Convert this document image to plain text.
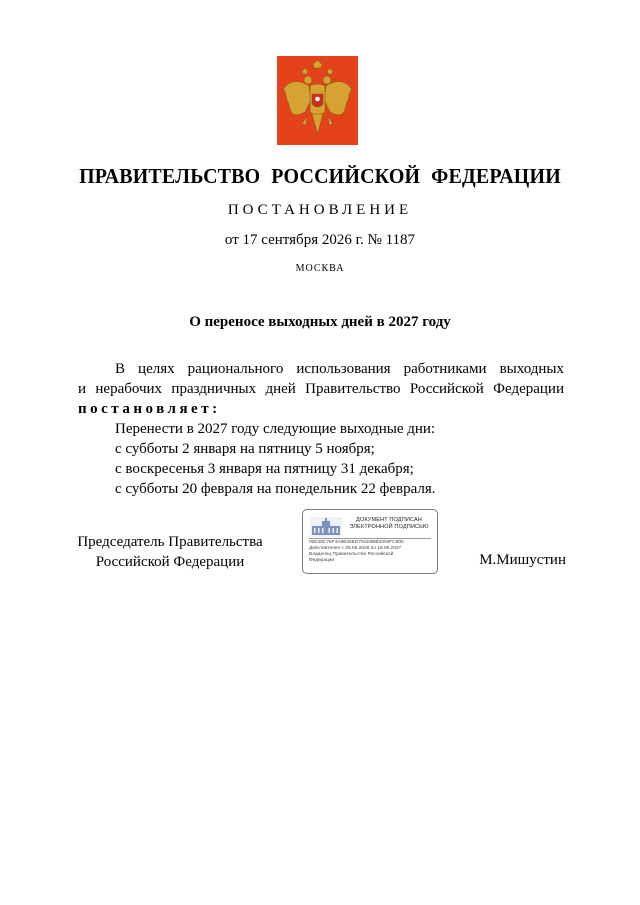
ПРАВИТЕЛЬСТВО РОССИЙСКОЙ ФЕДЕРАЦИИ
ПОСТАНОВЛЕНИЕ
от 17 сентября 2026 г. № 1187
МОСКВА
О переносе выходных дней в 2027 году

В целях рационального использования работниками выходных

и нерабочих праздничных дней Правительство Российской Федерации

постановляет:

Перенести в 2027 году следующие выходные дни:
с субботы 2 января на пятницу 5 ноября;
с воскресенья 3 января на пятницу 31 декабря;
с субботы 20 февраля на понедельник 22 февраля.
Председатель Правительства
Российской Федерации
ДОКУМЕНТ ПОДПИСАН
ЭЛЕКТРОННОЙ ПОДПИСЬЮ
00E48C76F4A6B26ED791E8BB3304FC805
Действителен с 26.06.2026 по 19.09.2027
Владелец Правительство Российской
Федерации	М.Мишустин
